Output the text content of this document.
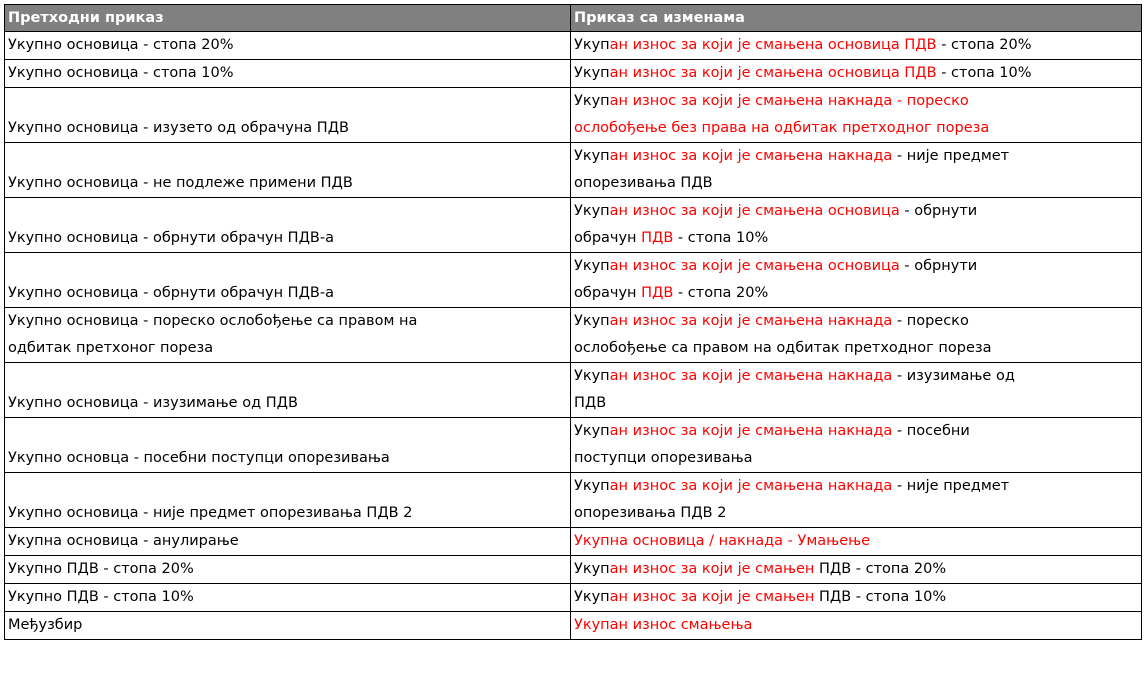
Претходни приказ	Приказ са изменама
Укупно основица - стопа 20%	Укупан износ за који је смањена основица ПДВ - стопа 20%
Укупно основица - стопа 10%	Укупан износ за који је смањена основица ПДВ - стопа 10%
Укупно основица - изузето од обрачуна ПДВ	Укупан износ за који је смањена накнада - пореско
ослобођење без права на одбитак претходног пореза
Укупно основица - не подлеже примени ПДВ	Укупан износ за који је смањена накнада - није предмет
опорезивања ПДВ
Укупно основица - обрнути обрачун ПДВ-а	Укупан износ за који је смањена основица - обрнути
обрачун ПДВ - стопа 10%
Укупно основица - обрнути обрачун ПДВ-а	Укупан износ за који је смањена основица - обрнути
обрачун ПДВ - стопа 20%
Укупно основица - пореско ослобођење са правом на
одбитак претхоног пореза	Укупан износ за који је смањена накнада - пореско
ослобођење са правом на одбитак претходног пореза
Укупно основица - изузимање од ПДВ	Укупан износ за који је смањена накнада - изузимање од
ПДВ
Укупно основца - посебни поступци опорезивања	Укупан износ за који је смањена накнада - посебни
поступци опорезивања
Укупно основица - није предмет опорезивања ПДВ 2	Укупан износ за који је смањена накнада - није предмет
опорезивања ПДВ 2
Укупна основица - анулирање	Укупна основица / накнада - Умањење
Укупно ПДВ - стопа 20%	Укупан износ за који је смањен ПДВ - стопа 20%
Укупно ПДВ - стопа 10%	Укупан износ за који је смањен ПДВ - стопа 10%
Међузбир	Укупан износ смањења
